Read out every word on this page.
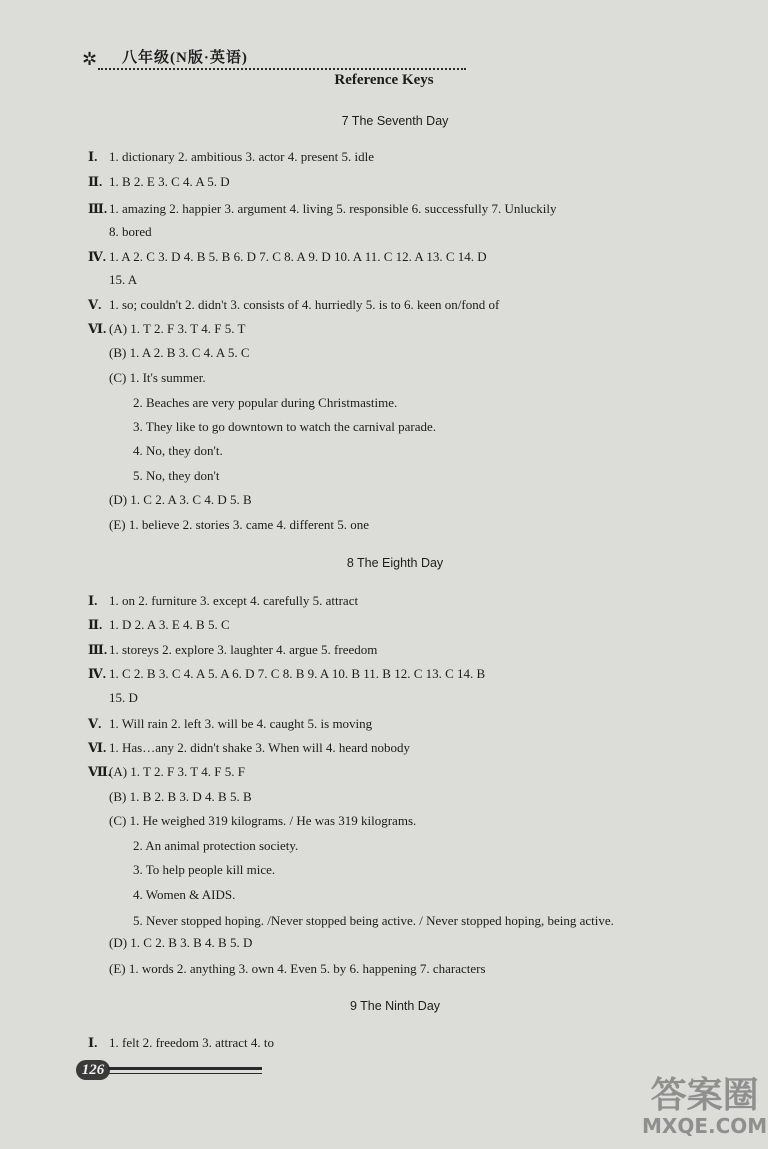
✲ 八年级(N版·英语)
Reference Keys
7 The Seventh Day
Ⅰ. 1. dictionary 2. ambitious 3. actor 4. present 5. idle
Ⅱ. 1. B 2. E 3. C 4. A 5. D
Ⅲ. 1. amazing 2. happier 3. argument 4. living 5. responsible 6. successfully 7. Unluckily
8. bored
Ⅳ. 1. A 2. C 3. D 4. B 5. B 6. D 7. C 8. A 9. D 10. A 11. C 12. A 13. C 14. D
15. A
Ⅴ. 1. so; couldn't 2. didn't 3. consists of 4. hurriedly 5. is to 6. keen on/fond of
Ⅵ. (A) 1. T 2. F 3. T 4. F 5. T
(B) 1. A 2. B 3. C 4. A 5. C
(C) 1. It's summer.
2. Beaches are very popular during Christmastime.
3. They like to go downtown to watch the carnival parade.
4. No, they don't.
5. No, they don't
(D) 1. C 2. A 3. C 4. D 5. B
(E) 1. believe 2. stories 3. came 4. different 5. one
8 The Eighth Day
Ⅰ. 1. on 2. furniture 3. except 4. carefully 5. attract
Ⅱ. 1. D 2. A 3. E 4. B 5. C
Ⅲ. 1. storeys 2. explore 3. laughter 4. argue 5. freedom
Ⅳ. 1. C 2. B 3. C 4. A 5. A 6. D 7. C 8. B 9. A 10. B 11. B 12. C 13. C 14. B
15. D
Ⅴ. 1. Will rain 2. left 3. will be 4. caught 5. is moving
Ⅵ. 1. Has…any 2. didn't shake 3. When will 4. heard nobody
Ⅶ.(A) 1. T 2. F 3. T 4. F 5. F
(B) 1. B 2. B 3. D 4. B 5. B
(C) 1. He weighed 319 kilograms. / He was 319 kilograms.
2. An animal protection society.
3. To help people kill mice.
4. Women & AIDS.
5. Never stopped hoping. /Never stopped being active. / Never stopped hoping, being active.
(D) 1. C 2. B 3. B 4. B 5. D
(E) 1. words 2. anything 3. own 4. Even 5. by 6. happening 7. characters
9 The Ninth Day
Ⅰ. 1. felt 2. freedom 3. attract 4. to
126
答案圈
MXQE.COM
